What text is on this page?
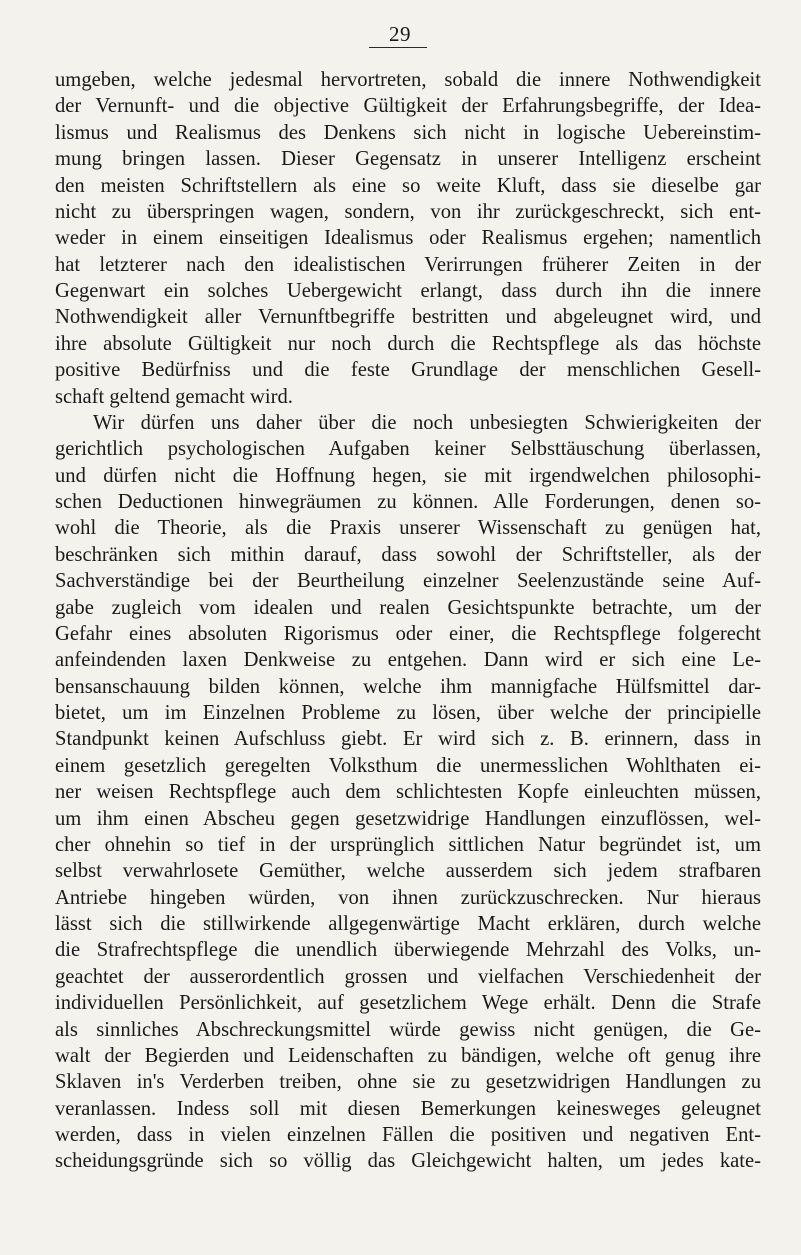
29
umgeben, welche jedesmal hervortreten, sobald die innere Nothwendigkeit
der Vernunft- und die objective Gültigkeit der Erfahrungsbegriffe, der Idea-
lismus und Realismus des Denkens sich nicht in logische Uebereinstim-
mung bringen lassen. Dieser Gegensatz in unserer Intelligenz erscheint
den meisten Schriftstellern als eine so weite Kluft, dass sie dieselbe gar
nicht zu überspringen wagen, sondern, von ihr zurückgeschreckt, sich ent-
weder in einem einseitigen Idealismus oder Realismus ergehen; namentlich
hat letzterer nach den idealistischen Verirrungen früherer Zeiten in der
Gegenwart ein solches Uebergewicht erlangt, dass durch ihn die innere
Nothwendigkeit aller Vernunftbegriffe bestritten und abgeleugnet wird, und
ihre absolute Gültigkeit nur noch durch die Rechtspflege als das höchste
positive Bedürfniss und die feste Grundlage der menschlichen Gesell-
schaft geltend gemacht wird.
Wir dürfen uns daher über die noch unbesiegten Schwierigkeiten der
gerichtlich psychologischen Aufgaben keiner Selbsttäuschung überlassen,
und dürfen nicht die Hoffnung hegen, sie mit irgendwelchen philosophi-
schen Deductionen hinwegräumen zu können. Alle Forderungen, denen so-
wohl die Theorie, als die Praxis unserer Wissenschaft zu genügen hat,
beschränken sich mithin darauf, dass sowohl der Schriftsteller, als der
Sachverständige bei der Beurtheilung einzelner Seelenzustände seine Auf-
gabe zugleich vom idealen und realen Gesichtspunkte betrachte, um der
Gefahr eines absoluten Rigorismus oder einer, die Rechtspflege folgerecht
anfeindenden laxen Denkweise zu entgehen. Dann wird er sich eine Le-
bensanschauung bilden können, welche ihm mannigfache Hülfsmittel dar-
bietet, um im Einzelnen Probleme zu lösen, über welche der principielle
Standpunkt keinen Aufschluss giebt. Er wird sich z. B. erinnern, dass in
einem gesetzlich geregelten Volksthum die unermesslichen Wohlthaten ei-
ner weisen Rechtspflege auch dem schlichtesten Kopfe einleuchten müssen,
um ihm einen Abscheu gegen gesetzwidrige Handlungen einzuflössen, wel-
cher ohnehin so tief in der ursprünglich sittlichen Natur begründet ist, um
selbst verwahrlosete Gemüther, welche ausserdem sich jedem strafbaren
Antriebe hingeben würden, von ihnen zurückzuschrecken. Nur hieraus
lässt sich die stillwirkende allgegenwärtige Macht erklären, durch welche
die Strafrechtspflege die unendlich überwiegende Mehrzahl des Volks, un-
geachtet der ausserordentlich grossen und vielfachen Verschiedenheit der
individuellen Persönlichkeit, auf gesetzlichem Wege erhält. Denn die Strafe
als sinnliches Abschreckungsmittel würde gewiss nicht genügen, die Ge-
walt der Begierden und Leidenschaften zu bändigen, welche oft genug ihre
Sklaven in's Verderben treiben, ohne sie zu gesetzwidrigen Handlungen zu
veranlassen. Indess soll mit diesen Bemerkungen keinesweges geleugnet
werden, dass in vielen einzelnen Fällen die positiven und negativen Ent-
scheidungsgründe sich so völlig das Gleichgewicht halten, um jedes kate-
